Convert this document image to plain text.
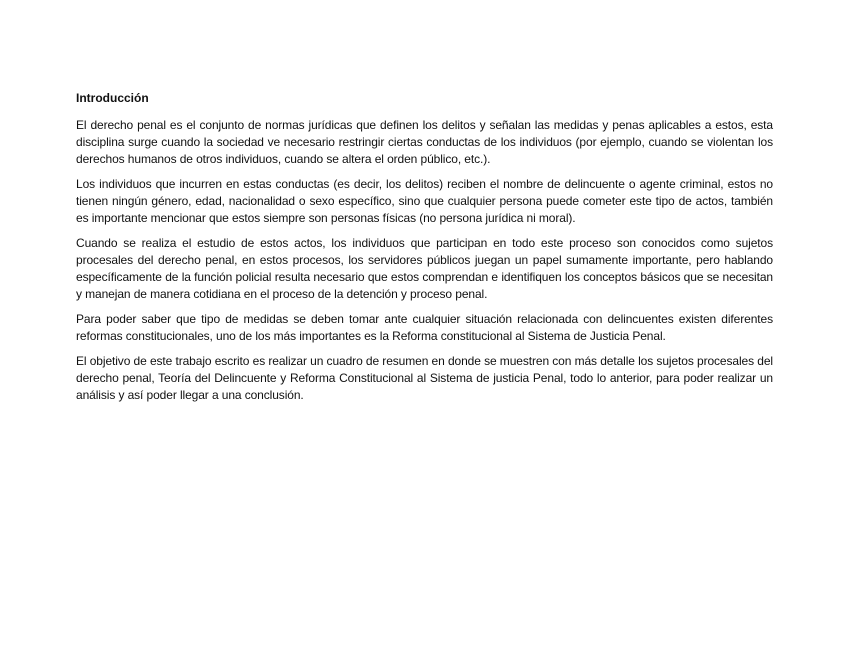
Introducción

El derecho penal es el conjunto de normas jurídicas que definen los delitos y señalan las medidas y penas aplicables a estos, esta disciplina surge cuando la sociedad ve necesario restringir ciertas conductas de los individuos (por ejemplo, cuando se violentan los derechos humanos de otros individuos, cuando se altera el orden público, etc.).

Los individuos que incurren en estas conductas (es decir, los delitos) reciben el nombre de delincuente o agente criminal, estos no tienen ningún género, edad, nacionalidad o sexo específico, sino que cualquier persona puede cometer este tipo de actos, también es importante mencionar que estos siempre son personas físicas (no persona jurídica ni moral).

Cuando se realiza el estudio de estos actos, los individuos que participan en todo este proceso son conocidos como sujetos procesales del derecho penal, en estos procesos, los servidores públicos juegan un papel sumamente importante, pero hablando específicamente de la función policial resulta necesario que estos comprendan e identifiquen los conceptos básicos que se necesitan y manejan de manera cotidiana en el proceso de la detención y proceso penal.

Para poder saber que tipo de medidas se deben tomar ante cualquier situación relacionada con delincuentes existen diferentes reformas constitucionales, uno de los más importantes es la Reforma constitucional al Sistema de Justicia Penal.

El objetivo de este trabajo escrito es realizar un cuadro de resumen en donde se muestren con más detalle los sujetos procesales del derecho penal, Teoría del Delincuente y Reforma Constitucional al Sistema de justicia Penal, todo lo anterior, para poder realizar un análisis y así poder llegar a una conclusión.
